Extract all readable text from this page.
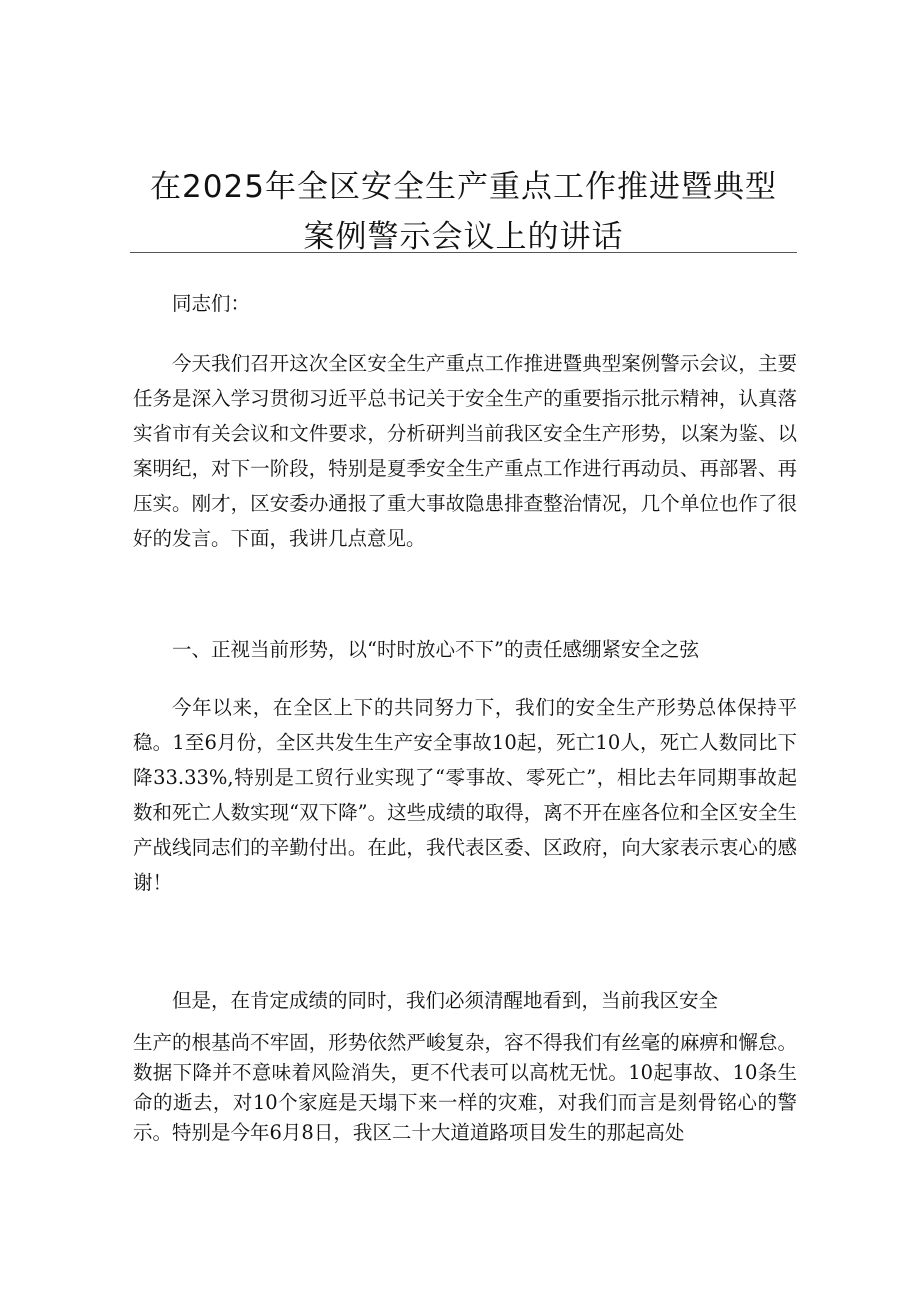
在2025年全区安全生产重点工作推进暨典型
案例警示会议上的讲话

同志们：

今天我们召开这次全区安全生产重点工作推进暨典型案例警示会议，主要任务是深入学习贯彻习近平总书记关于安全生产的重要指示批示精神，认真落实省市有关会议和文件要求，分析研判当前我区安全生产形势，以案为鉴、以案明纪，对下一阶段，特别是夏季安全生产重点工作进行再动员、再部署、再压实。刚才，区安委办通报了重大事故隐患排查整治情况，几个单位也作了很好的发言。下面，我讲几点意见。

一、正视当前形势，以“时时放心不下”的责任感绷紧安全之弦

今年以来，在全区上下的共同努力下，我们的安全生产形势总体保持平稳。1至6月份，全区共发生生产安全事故10起，死亡10人，死亡人数同比下降33.33%,特别是工贸行业实现了“零事故、零死亡”，相比去年同期事故起数和死亡人数实现“双下降”。这些成绩的取得，离不开在座各位和全区安全生产战线同志们的辛勤付出。在此，我代表区委、区政府，向大家表示衷心的感谢！

但是，在肯定成绩的同时，我们必须清醒地看到，当前我区安全

生产的根基尚不牢固，形势依然严峻复杂，容不得我们有丝毫的麻痹和懈怠。数据下降并不意味着风险消失，更不代表可以高枕无忧。10起事故、10条生命的逝去，对10个家庭是天塌下来一样的灾难，对我们而言是刻骨铭心的警示。特别是今年6月8日，我区二十大道道路项目发生的那起高处
